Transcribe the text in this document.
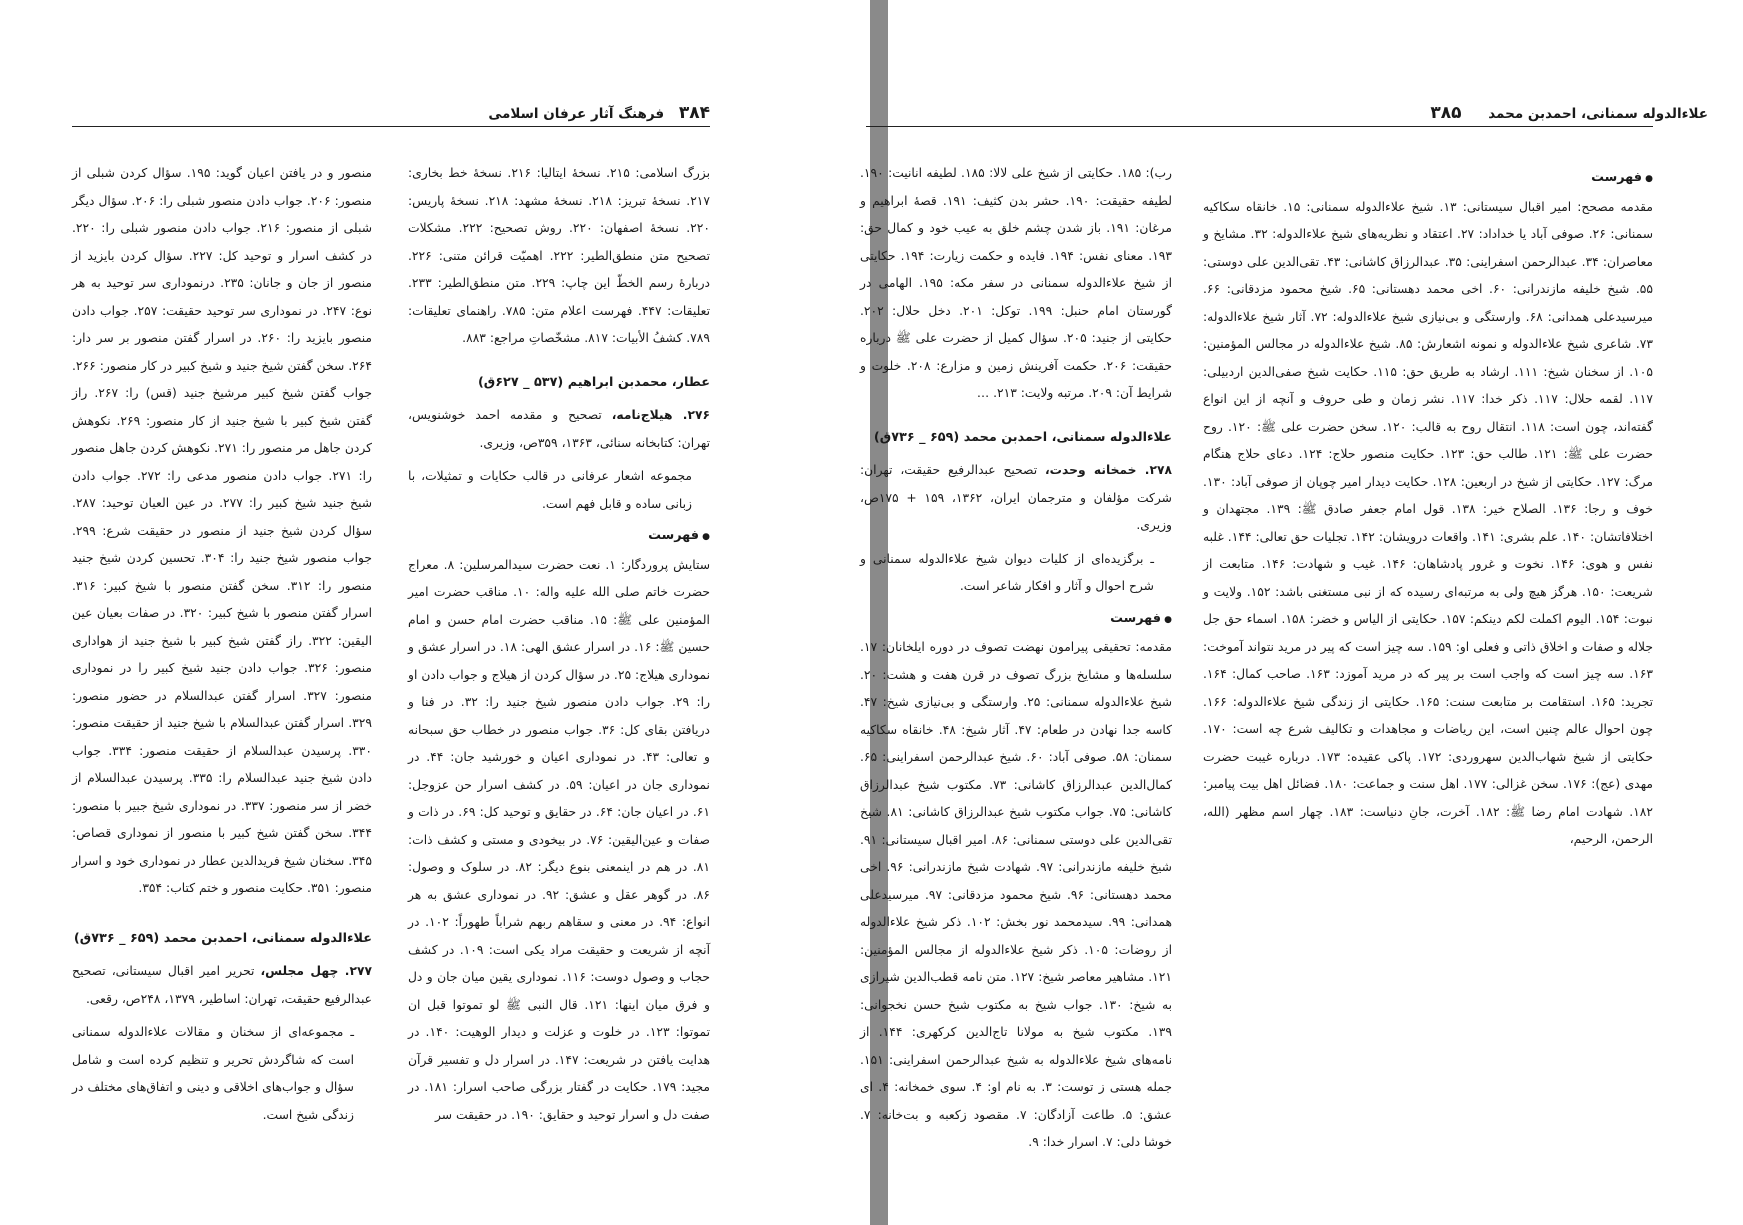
۳۸۴ فرهنگ آثار عرفان اسلامی

بزرگ اسلامی: ۲۱۵. نسخهٔ ایتالیا: ۲۱۶. نسخهٔ خط بخاری: ۲۱۷. نسخهٔ تبریز: ۲۱۸. نسخهٔ مشهد: ۲۱۸. نسخهٔ پاریس: ۲۲۰. نسخهٔ اصفهان: ۲۲۰. روش تصحیح: ۲۲۲. مشکلات تصحیح متن منطق‌الطیر: ۲۲۲. اهمیّت قرائن متنی: ۲۲۶. دربارهٔ رسم الخطّ این چاپ: ۲۲۹. متن منطق‌الطیر: ۲۳۳. تعلیقات: ۴۴۷. فهرست اعلام متن: ۷۸۵. راهنمای تعلیقات: ۷۸۹. کشفُ الأبیات: ۸۱۷. مشخّصاتِ مراجع: ۸۸۳.

عطار، محمدبن ابراهیم (۵۳۷ _ ۶۲۷ق)

۲۷۶. هیلاج‌نامه، تصحیح و مقدمه احمد خوشنویس، تهران: کتابخانه سنائی، ۱۳۶۳، ۳۵۹ص، وزیری.

مجموعه اشعار عرفانی در قالب حکایات و تمثیلات، با زبانی ساده و قابل فهم است.

● فهرست

ستایش پروردگار: ۱. نعت حضرت سیدالمرسلین: ۸. معراج حضرت خاتم صلی الله علیه واله: ۱۰. مناقب حضرت امیر المؤمنین علی ﷺ: ۱۵. مناقب حضرت امام حسن و امام حسین ﷺ: ۱۶. در اسرار عشق الهی: ۱۸. در اسرار عشق و نموداری هیلاج: ۲۵. در سؤال کردن از هیلاج و جواب دادن او را: ۲۹. جواب دادن منصور شیخ جنید را: ۳۲. در فنا و دریافتن بقای کل: ۳۶. جواب منصور در خطاب حق سبحانه و تعالی: ۴۳. در نموداری اعیان و خورشید جان: ۴۴. در نموداری جان در اعیان: ۵۹. در کشف اسرار حن عزوجل: ۶۱. در اعیان جان: ۶۴. در حقایق و توحید کل: ۶۹. در ذات و صفات و عین‌الیقین: ۷۶. در بیخودی و مستی و کشف ذات: ۸۱. در هم در اینمعنی بنوع دیگر: ۸۲. در سلوک و وصول: ۸۶. در گوهر عقل و عشق: ۹۲. در نموداری عشق به هر انواع: ۹۴. در معنی و سقاهم ربهم شراباً طهوراً: ۱۰۲. در آنچه از شریعت و حقیقت مراد یکی است: ۱۰۹. در کشف حجاب و وصول دوست: ۱۱۶. نموداری یقین میان جان و دل و فرق میان اینها: ۱۲۱. قال النبی ﷺ لو تموتوا قبل ان تموتوا: ۱۲۳. در خلوت و عزلت و دیدار الوهیت: ۱۴۰. در هدایت یافتن در شریعت: ۱۴۷. در اسرار دل و تفسیر قرآن مجید: ۱۷۹. حکایت در گفتار بزرگی صاحب اسرار: ۱۸۱. در صفت دل و اسرار توحید و حقایق: ۱۹۰. در حقیقت سر

منصور و در یافتن اعیان گوید: ۱۹۵. سؤال کردن شبلی از منصور: ۲۰۶. جواب دادن منصور شبلی را: ۲۰۶. سؤال دیگر شبلی از منصور: ۲۱۶. جواب دادن منصور شبلی را: ۲۲۰. در کشف اسرار و توحید کل: ۲۲۷. سؤال کردن بایزید از منصور از جان و جانان: ۲۳۵. درنموداری سر توحید به هر نوع: ۲۴۷. در نموداری سر توحید حقیقت: ۲۵۷. جواب دادن منصور بایزید را: ۲۶۰. در اسرار گفتن منصور بر سر دار: ۲۶۴. سخن گفتن شیخ جنید و شیخ کبیر در کار منصور: ۲۶۶. جواب گفتن شیخ کبیر مرشیخ جنید (قس) را: ۲۶۷. راز گفتن شیخ کبیر با شیخ جنید از کار منصور: ۲۶۹. نکوهش کردن جاهل مر منصور را: ۲۷۱. نکوهش کردن جاهل منصور را: ۲۷۱. جواب دادن منصور مدعی را: ۲۷۲. جواب دادن شیخ جنید شیخ کبیر را: ۲۷۷. در عین العیان توحید: ۲۸۷. سؤال کردن شیخ جنید از منصور در حقیقت شرع: ۲۹۹. جواب منصور شیخ جنید را: ۳۰۴. تحسین کردن شیخ جنید منصور را: ۳۱۲. سخن گفتن منصور با شیخ کبیر: ۳۱۶. اسرار گفتن منصور با شیخ کبیر: ۳۲۰. در صفات بعیان عین الیقین: ۳۲۲. راز گفتن شیخ کبیر با شیخ جنید از هواداری منصور: ۳۲۶. جواب دادن جنید شیخ کبیر را در نموداری منصور: ۳۲۷. اسرار گفتن عبدالسلام در حضور منصور: ۳۲۹. اسرار گفتن عبدالسلام با شیخ جنید از حقیقت منصور: ۳۳۰. پرسیدن عبدالسلام از حقیقت منصور: ۳۳۴. جواب دادن شیخ جنید عبدالسلام را: ۳۳۵. پرسیدن عبدالسلام از خضر از سر منصور: ۳۳۷. در نموداری شیخ جبیر با منصور: ۳۴۴. سخن گفتن شیخ کبیر با منصور از نموداری قصاص: ۳۴۵. سخنان شیخ فریدالدین عطار در نموداری خود و اسرار منصور: ۳۵۱. حکایت منصور و ختم کتاب: ۳۵۴.

علاءالدوله سمنانی، احمدبن محمد (۶۵۹ _ ۷۳۶ق)

۲۷۷. چهل مجلس، تحریر امیر اقبال سیستانی، تصحیح عبدالرفیع حقیقت، تهران: اساطیر، ۱۳۷۹، ۲۴۸ص، رقعی.

ـ مجموعه‌ای از سخنان و مقالات علاءالدوله سمنانی است که شاگردش تحریر و تنظیم کرده است و شامل سؤال و جواب‌های اخلاقی و دینی و اتفاق‌های مختلف در زندگی شیخ است.

علاءالدوله سمنانی، احمدبن محمد ۳۸۵

● فهرست

مقدمه مصحح: امیر اقبال سیستانی: ۱۳. شیخ علاءالدوله سمنانی: ۱۵. خانقاه سکاکیه سمنانی: ۲۶. صوفی آباد یا خداداد: ۲۷. اعتقاد و نظریه‌های شیخ علاءالدوله: ۳۲. مشایخ و معاصران: ۳۴. عبدالرحمن اسفراینی: ۳۵. عبدالرزاق کاشانی: ۴۳. تقی‌الدین علی دوستی: ۵۵. شیخ خلیفه مازندرانی: ۶۰. اخی محمد دهستانی: ۶۵. شیخ محمود مزدقانی: ۶۶. میرسیدعلی همدانی: ۶۸. وارستگی و بی‌نیازی شیخ علاءالدوله: ۷۲. آثار شیخ علاءالدوله: ۷۳. شاعری شیخ علاءالدوله و نمونه اشعارش: ۸۵. شیخ علاءالدوله در مجالس المؤمنین: ۱۰۵. از سخنان شیخ: ۱۱۱. ارشاد به طریق حق: ۱۱۵. حکایت شیخ صفی‌الدین اردبیلی: ۱۱۷. لقمه حلال: ۱۱۷. ذکر خدا: ۱۱۷. نشر زمان و طی حروف و آنچه از این انواع گفته‌اند، چون است: ۱۱۸. انتقال روح به قالب: ۱۲۰. سخن حضرت علی ﷺ: ۱۲۰. روح حضرت علی ﷺ: ۱۲۱. طالب حق: ۱۲۳. حکایت منصور حلاج: ۱۲۴. دعای حلاج هنگام مرگ: ۱۲۷. حکایتی از شیخ در اربعین: ۱۲۸. حکایت دیدار امیر چوپان از صوفی آباد: ۱۳۰. خوف و رجا: ۱۳۶. الصلاح خیر: ۱۳۸. قول امام جعفر صادق ﷺ: ۱۳۹. مجتهدان و اختلافاتشان: ۱۴۰. علم بشری: ۱۴۱. واقعات درویشان: ۱۴۲. تجلیات حق تعالی: ۱۴۴. غلبه نفس و هوی: ۱۴۶. نخوت و غرور پادشاهان: ۱۴۶. غیب و شهادت: ۱۴۶. متابعت از شریعت: ۱۵۰. هرگز هیچ ولی به مرتبه‌ای رسیده که از نبی مستغنی باشد: ۱۵۲. ولایت و نبوت: ۱۵۴. الیوم اکملت لکم دینکم: ۱۵۷. حکایتی از الیاس و خضر: ۱۵۸. اسماء حق جل جلاله و صفات و اخلاق ذاتی و فعلی او: ۱۵۹. سه چیز است که پیر در مرید نتواند آموخت: ۱۶۳. سه چیز است که واجب است بر پیر که در مرید آموزد: ۱۶۳. صاحب کمال: ۱۶۴. تجرید: ۱۶۵. استقامت بر متابعت سنت: ۱۶۵. حکایتی از زندگی شیخ علاءالدوله: ۱۶۶. چون احوال عالم چنین است، این ریاضات و مجاهدات و تکالیف شرع چه است: ۱۷۰. حکایتی از شیخ شهاب‌الدین سهروردی: ۱۷۲. پاکی عقیده: ۱۷۳. درباره غیبت حضرت مهدی (عج): ۱۷۶. سخن غزالی: ۱۷۷. اهل سنت و جماعت: ۱۸۰. فضائل اهل بیت پیامبر: ۱۸۲. شهادت امام رضا ﷺ: ۱۸۲. آخرت، جانِ دنیاست: ۱۸۳. چهار اسم مظهر (الله، الرحمن، الرحیم،

رب): ۱۸۵. حکایتی از شیخ علی لالا: ۱۸۵. لطیفه انانیت: ۱۹۰. لطیفه حقیقت: ۱۹۰. حشر بدن کثیف: ۱۹۱. قصهٔ ابراهیم و مرغان: ۱۹۱. باز شدن چشم خلق به عیب خود و کمال حق: ۱۹۳. معنای نفس: ۱۹۴. فایده و حکمت زیارت: ۱۹۴. حکایتی از شیخ علاءالدوله سمنانی در سفر مکه: ۱۹۵. الهامی در گورستان امام حنبل: ۱۹۹. توکل: ۲۰۱. دخل حلال: ۲۰۲. حکایتی از جنید: ۲۰۵. سؤال کمیل از حضرت علی ﷺ درباره حقیقت: ۲۰۶. حکمت آفرینش زمین و مزارع: ۲۰۸. خلوت و شرایط آن: ۲۰۹. مرتبه ولایت: ۲۱۳. …

علاءالدوله سمنانی، احمدبن محمد (۶۵۹ _ ۷۳۶ق)

۲۷۸. خمخانه وحدت، تصحیح عبدالرفیع حقیقت، تهران: شرکت مؤلفان و مترجمان ایران، ۱۳۶۲، ۱۵۹ + ۱۷۵ص، وزیری.

ـ برگزیده‌ای از کلیات دیوان شیخ علاءالدوله سمنانی و شرح احوال و آثار و افکار شاعر است.

● فهرست

مقدمه: تحقیقی پیرامون نهضت تصوف در دوره ایلخانان: ۱۷. سلسله‌ها و مشایخ بزرگ تصوف در قرن هفت و هشت: ۲۰. شیخ علاءالدوله سمنانی: ۲۵. وارستگی و بی‌نیازی شیخ: ۴۷. کاسه جدا نهادن در طعام: ۴۷. آثار شیخ: ۴۸. خانقاه سکاکیه سمنان: ۵۸. صوفی آباد: ۶۰. شیخ عبدالرحمن اسفراینی: ۶۵. کمال‌الدین عبدالرزاق کاشانی: ۷۳. مکتوب شیخ عبدالرزاق کاشانی: ۷۵. جواب مکتوب شیخ عبدالرزاق کاشانی: ۸۱. شیخ تقی‌الدین علی دوستی سمنانی: ۸۶. امیر اقبال سیستانی: ۹۱. شیخ خلیفه مازندرانی: ۹۷. شهادت شیخ مازندرانی: ۹۶. اخی محمد دهستانی: ۹۶. شیخ محمود مزدقانی: ۹۷. میرسیدعلی همدانی: ۹۹. سیدمحمد نور بخش: ۱۰۲. ذکر شیخ علاءالدوله از روضات: ۱۰۵. ذکر شیخ علاءالدوله از مجالس المؤمنین: ۱۲۱. مشاهیر معاصر شیخ: ۱۲۷. متن نامه قطب‌الدین شیرازی به شیخ: ۱۳۰. جواب شیخ به مکتوب شیخ حسن نخجوانی: ۱۳۹. مکتوب شیخ به مولانا تاج‌الدین کرکهری: ۱۴۴. از نامه‌های شیخ علاءالدوله به شیخ عبدالرحمن اسفراینی: ۱۵۱. جمله هستی ز توست: ۳. به نام او: ۴. سوی خمخانه: ۴. ای عشق: ۵. طاعت آزادگان: ۷. مقصود زکعبه و بت‌خانه: ۷. خوشا دلی: ۷. اسرار خدا: ۹.
